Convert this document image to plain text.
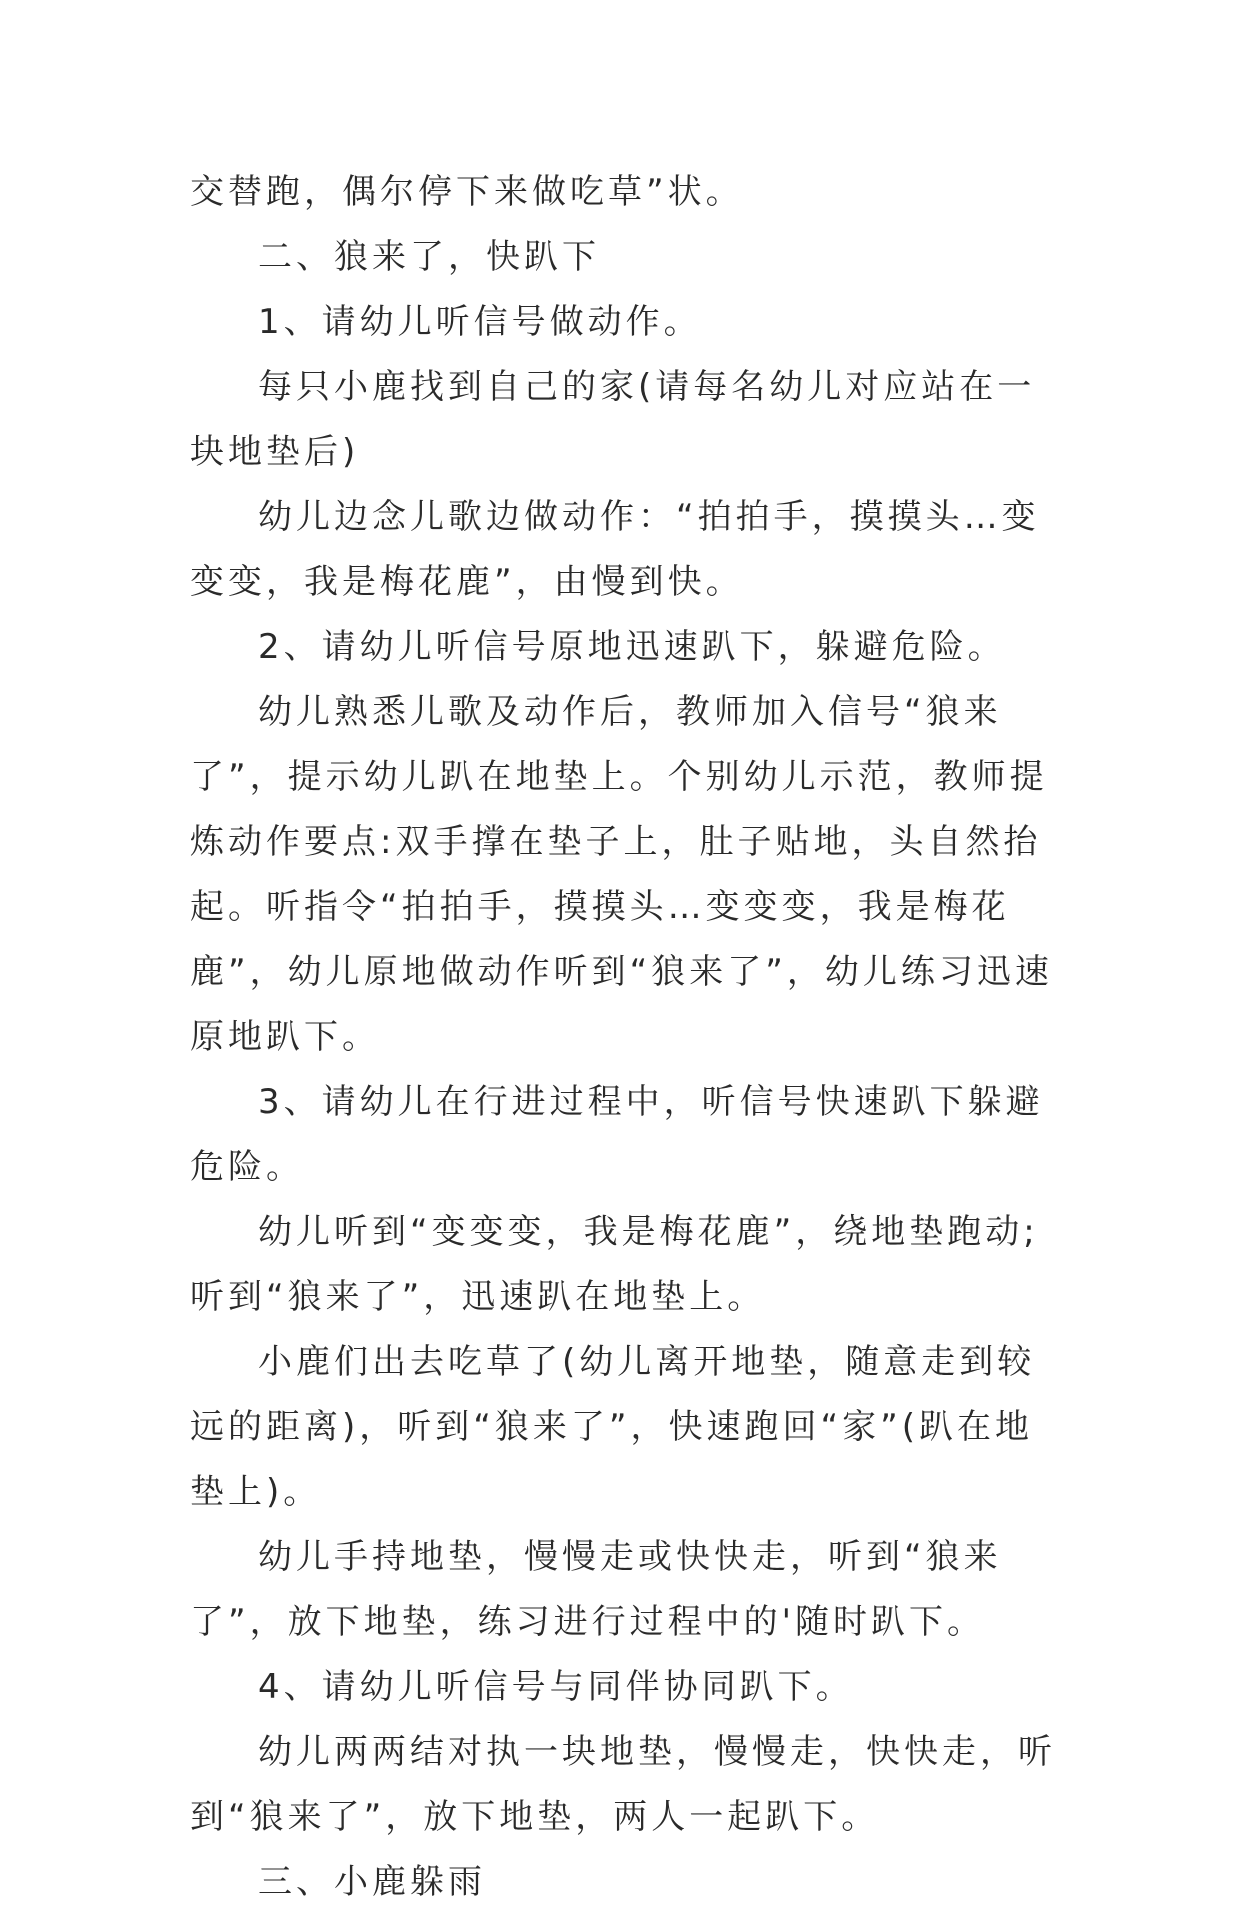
交替跑，偶尔停下来做吃草”状。

二、狼来了，快趴下

1、请幼儿听信号做动作。

每只小鹿找到自己的家(请每名幼儿对应站在一块地垫后)

幼儿边念儿歌边做动作：“拍拍手，摸摸头…变变变，我是梅花鹿”，由慢到快。

2、请幼儿听信号原地迅速趴下，躲避危险。

幼儿熟悉儿歌及动作后，教师加入信号“狼来了”，提示幼儿趴在地垫上。个别幼儿示范，教师提炼动作要点:双手撑在垫子上，肚子贴地，头自然抬起。听指令“拍拍手，摸摸头…变变变，我是梅花鹿”，幼儿原地做动作听到“狼来了”，幼儿练习迅速原地趴下。

3、请幼儿在行进过程中，听信号快速趴下躲避危险。

幼儿听到“变变变，我是梅花鹿”，绕地垫跑动;听到“狼来了”，迅速趴在地垫上。

小鹿们出去吃草了(幼儿离开地垫，随意走到较远的距离)，听到“狼来了”，快速跑回“家”(趴在地垫上)。

幼儿手持地垫，慢慢走或快快走，听到“狼来了”，放下地垫，练习进行过程中的'随时趴下。

4、请幼儿听信号与同伴协同趴下。

幼儿两两结对执一块地垫，慢慢走，快快走，听到“狼来了”，放下地垫，两人一起趴下。

三、小鹿躲雨
